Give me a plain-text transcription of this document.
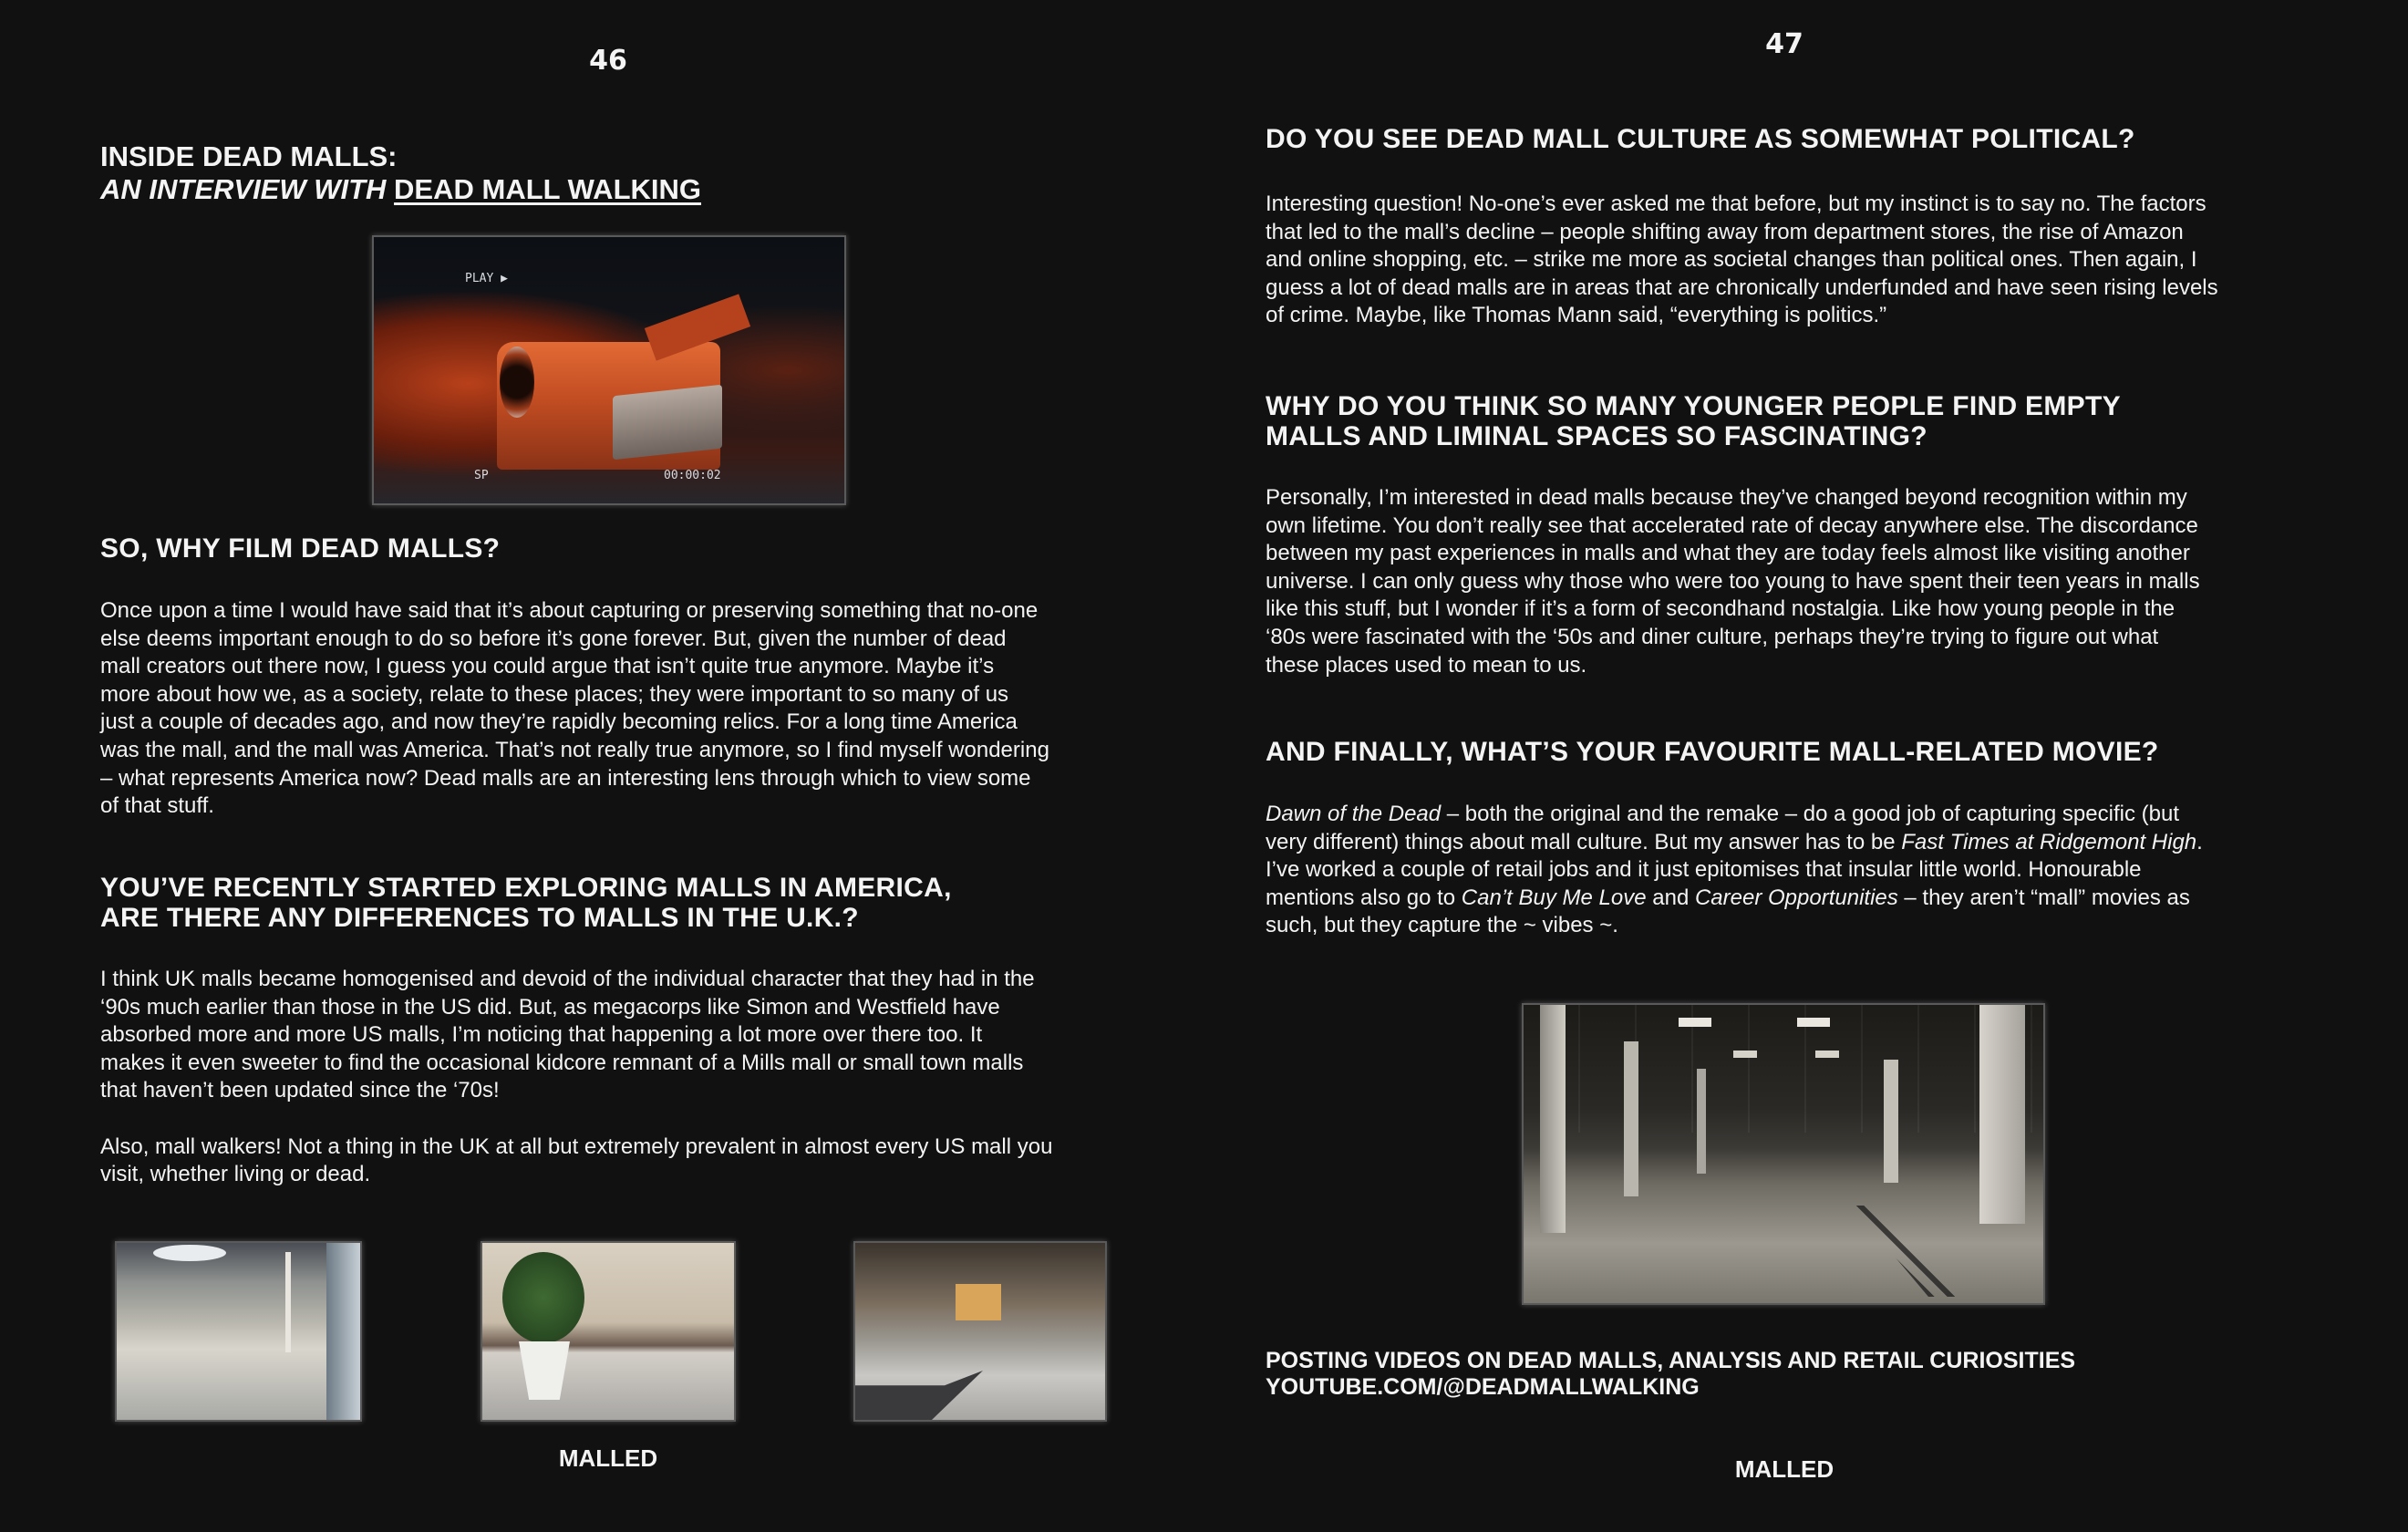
46
INSIDE DEAD MALLS:
AN INTERVIEW WITH DEAD MALL WALKING
PLAY ▶
SP	00:00:02
SO, WHY FILM DEAD MALLS?
Once upon a time I would have said that it’s about capturing or preserving something that no-one
else deems important enough to do so before it’s gone forever. But, given the number of dead
mall creators out there now, I guess you could argue that isn’t quite true anymore. Maybe it’s
more about how we, as a society, relate to these places; they were important to so many of us
just a couple of decades ago, and now they’re rapidly becoming relics. For a long time America
was the mall, and the mall was America. That’s not really true anymore, so I find myself wondering
– what represents America now? Dead malls are an interesting lens through which to view some
of that stuff.
YOU’VE RECENTLY STARTED EXPLORING MALLS IN AMERICA,
ARE THERE ANY DIFFERENCES TO MALLS IN THE U.K.?
I think UK malls became homogenised and devoid of the individual character that they had in the
‘90s much earlier than those in the US did. But, as megacorps like Simon and Westfield have
absorbed more and more US malls, I’m noticing that happening a lot more over there too. It
makes it even sweeter to find the occasional kidcore remnant of a Mills mall or small town malls
that haven’t been updated since the ‘70s!
Also, mall walkers! Not a thing in the UK at all but extremely prevalent in almost every US mall you
visit, whether living or dead.
MALLED
47
DO YOU SEE DEAD MALL CULTURE AS SOMEWHAT POLITICAL?
Interesting question! No-one’s ever asked me that before, but my instinct is to say no. The factors
that led to the mall’s decline – people shifting away from department stores, the rise of Amazon
and online shopping, etc. – strike me more as societal changes than political ones. Then again, I
guess a lot of dead malls are in areas that are chronically underfunded and have seen rising levels
of crime. Maybe, like Thomas Mann said, “everything is politics.”
WHY DO YOU THINK SO MANY YOUNGER PEOPLE FIND EMPTY
MALLS AND LIMINAL SPACES SO FASCINATING?
Personally, I’m interested in dead malls because they’ve changed beyond recognition within my
own lifetime. You don’t really see that accelerated rate of decay anywhere else. The discordance
between my past experiences in malls and what they are today feels almost like visiting another
universe. I can only guess why those who were too young to have spent their teen years in malls
like this stuff, but I wonder if it’s a form of secondhand nostalgia. Like how young people in the
‘80s were fascinated with the ‘50s and diner culture, perhaps they’re trying to figure out what
these places used to mean to us.
AND FINALLY, WHAT’S YOUR FAVOURITE MALL-RELATED MOVIE?
Dawn of the Dead – both the original and the remake – do a good job of capturing specific (but
very different) things about mall culture. But my answer has to be Fast Times at Ridgemont High.
I’ve worked a couple of retail jobs and it just epitomises that insular little world. Honourable
mentions also go to Can’t Buy Me Love and Career Opportunities – they aren’t “mall” movies as
such, but they capture the ~ vibes ~.
POSTING VIDEOS ON DEAD MALLS, ANALYSIS AND RETAIL CURIOSITIES
YOUTUBE.COM/@DEADMALLWALKING
MALLED
